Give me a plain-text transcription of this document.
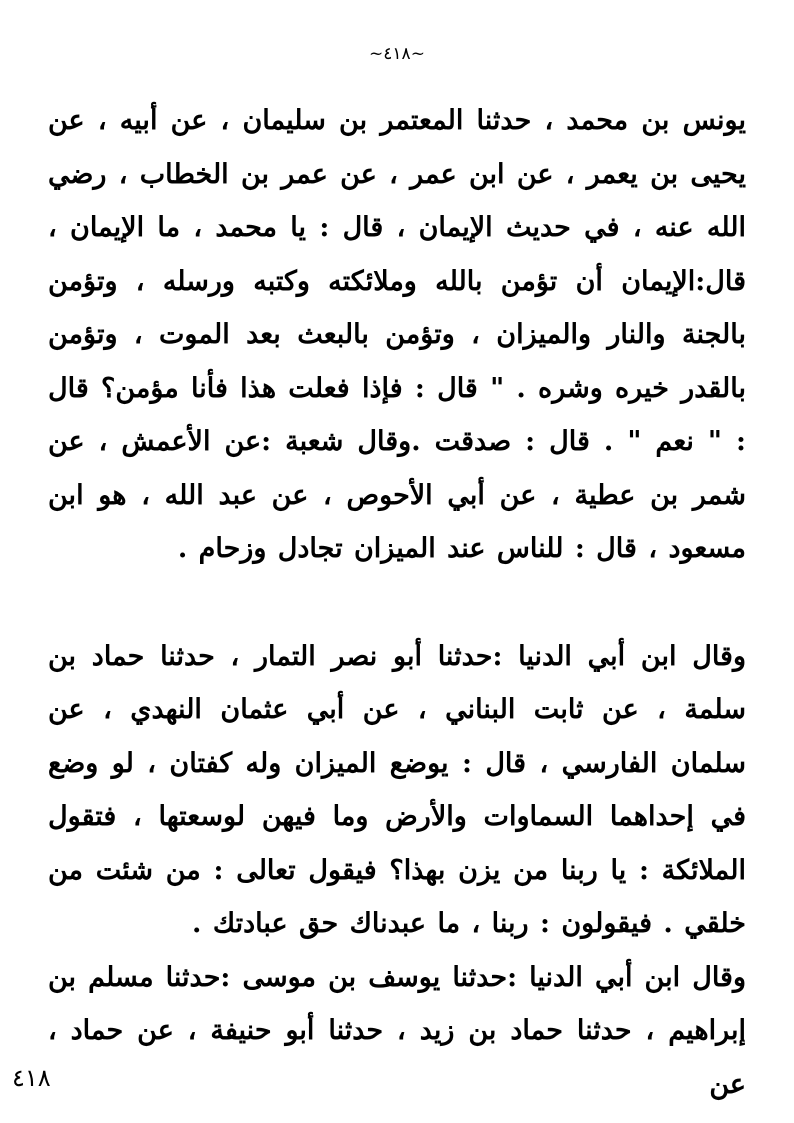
~٤١٨~

يونس بن محمد ، حدثنا المعتمر بن سليمان ، عن أبيه ، عن يحيى بن يعمر ، عن ابن عمر ، عن عمر بن الخطاب ، رضي الله عنه ، في حديث الإيمان ، قال : يا محمد ، ما الإيمان ، قال:الإيمان أن تؤمن بالله وملائكته وكتبه ورسله ، وتؤمن بالجنة والنار والميزان ، وتؤمن بالبعث بعد الموت ، وتؤمن بالقدر خيره وشره . " قال : فإذا فعلت هذا فأنا مؤمن؟ قال : " نعم " . قال : صدقت .وقال شعبة :عن الأعمش ، عن شمر بن عطية ، عن أبي الأحوص ، عن عبد الله ، هو ابن مسعود ، قال : للناس عند الميزان تجادل وزحام .

وقال ابن أبي الدنيا :حدثنا أبو نصر التمار ، حدثنا حماد بن سلمة ، عن ثابت البناني ، عن أبي عثمان النهدي ، عن سلمان الفارسي ، قال : يوضع الميزان وله كفتان ، لو وضع في إحداهما السماوات والأرض وما فيهن لوسعتها ، فتقول الملائكة : يا ربنا من يزن بهذا؟ فيقول تعالى : من شئت من خلقي . فيقولون : ربنا ، ما عبدناك حق عبادتك .

وقال ابن أبي الدنيا :حدثنا يوسف بن موسى :حدثنا مسلم بن إبراهيم ، حدثنا حماد بن زيد ، حدثنا أبو حنيفة ، عن حماد ، عن

٤١٨
